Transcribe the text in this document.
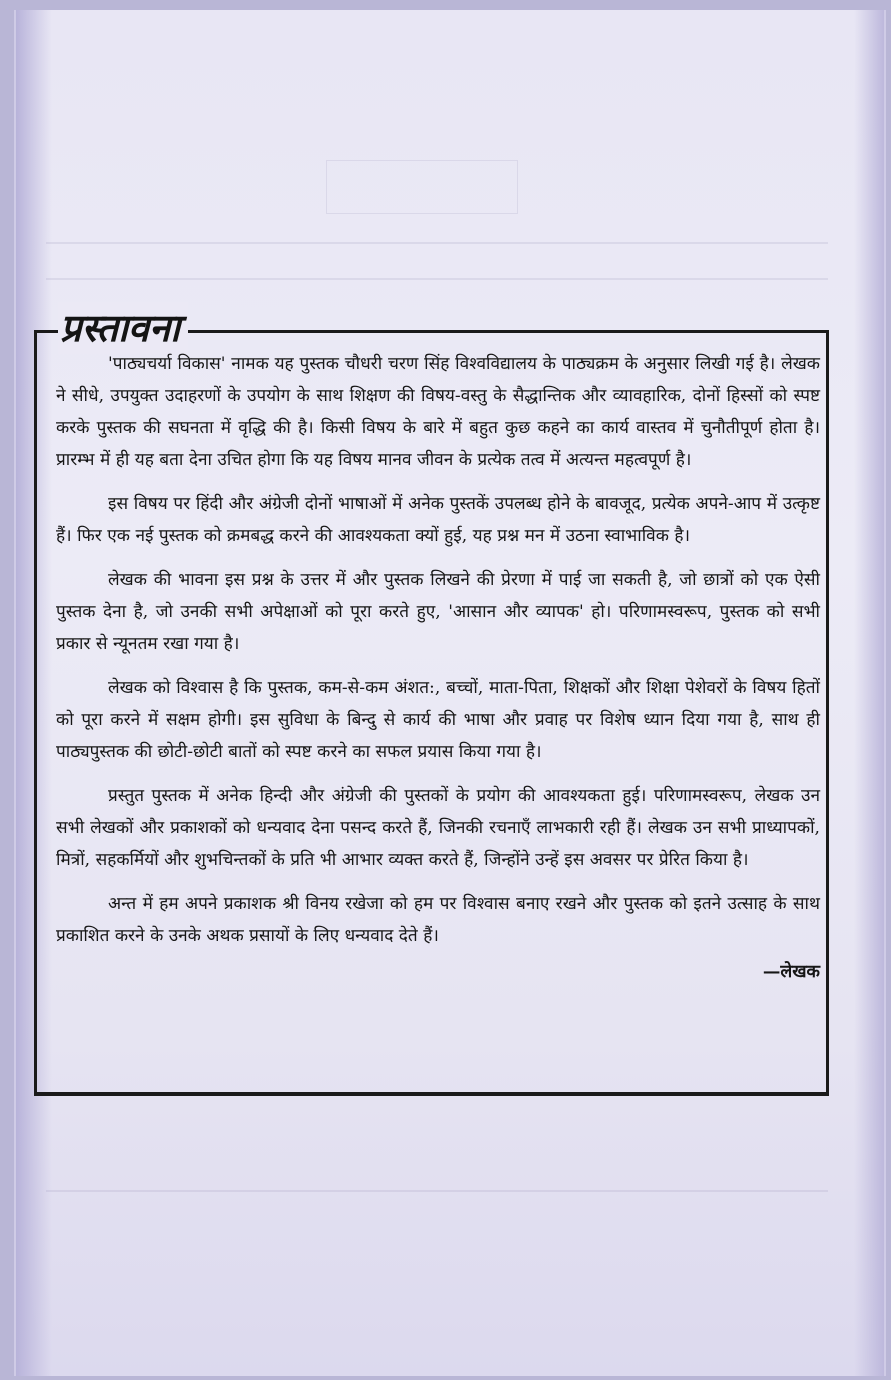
प्रस्तावना

'पाठ्यचर्या विकास' नामक यह पुस्तक चौधरी चरण सिंह विश्वविद्यालय के पाठ्यक्रम के अनुसार लिखी गई है। लेखक ने सीधे, उपयुक्त उदाहरणों के उपयोग के साथ शिक्षण की विषय-वस्तु के सैद्धान्तिक और व्यावहारिक, दोनों हिस्सों को स्पष्ट करके पुस्तक की सघनता में वृद्धि की है। किसी विषय के बारे में बहुत कुछ कहने का कार्य वास्तव में चुनौतीपूर्ण होता है। प्रारम्भ में ही यह बता देना उचित होगा कि यह विषय मानव जीवन के प्रत्येक तत्व में अत्यन्त महत्वपूर्ण है।

इस विषय पर हिंदी और अंग्रेजी दोनों भाषाओं में अनेक पुस्तकें उपलब्ध होने के बावजूद, प्रत्येक अपने-आप में उत्कृष्ट हैं। फिर एक नई पुस्तक को क्रमबद्ध करने की आवश्यकता क्यों हुई, यह प्रश्न मन में उठना स्वाभाविक है।

लेखक की भावना इस प्रश्न के उत्तर में और पुस्तक लिखने की प्रेरणा में पाई जा सकती है, जो छात्रों को एक ऐसी पुस्तक देना है, जो उनकी सभी अपेक्षाओं को पूरा करते हुए, 'आसान और व्यापक' हो। परिणामस्वरूप, पुस्तक को सभी प्रकार से न्यूनतम रखा गया है।

लेखक को विश्वास है कि पुस्तक, कम-से-कम अंशत:, बच्चों, माता-पिता, शिक्षकों और शिक्षा पेशेवरों के विषय हितों को पूरा करने में सक्षम होगी। इस सुविधा के बिन्दु से कार्य की भाषा और प्रवाह पर विशेष ध्यान दिया गया है, साथ ही पाठ्यपुस्तक की छोटी-छोटी बातों को स्पष्ट करने का सफल प्रयास किया गया है।

प्रस्तुत पुस्तक में अनेक हिन्दी और अंग्रेजी की पुस्तकों के प्रयोग की आवश्यकता हुई। परिणामस्वरूप, लेखक उन सभी लेखकों और प्रकाशकों को धन्यवाद देना पसन्द करते हैं, जिनकी रचनाएँ लाभकारी रही हैं। लेखक उन सभी प्राध्यापकों, मित्रों, सहकर्मियों और शुभचिन्तकों के प्रति भी आभार व्यक्त करते हैं, जिन्होंने उन्हें इस अवसर पर प्रेरित किया है।

अन्त में हम अपने प्रकाशक श्री विनय रखेजा को हम पर विश्वास बनाए रखने और पुस्तक को इतने उत्साह के साथ प्रकाशित करने के उनके अथक प्रसायों के लिए धन्यवाद देते हैं।

—लेखक
